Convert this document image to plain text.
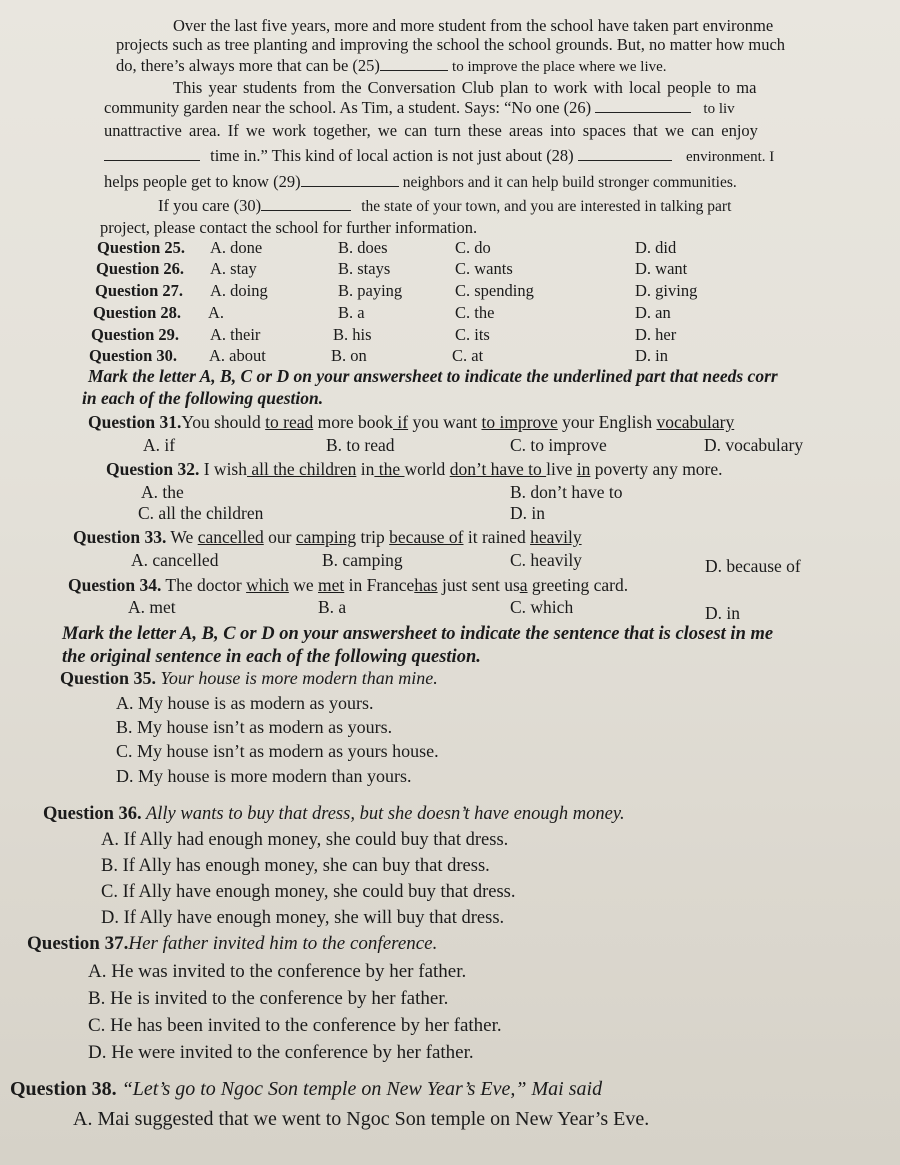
Over the last five years, more and more student from the school have taken part environme
projects such as tree planting and improving the school the school grounds. But, no matter how much
do, there’s always more that can be (25)	to improve the place where we live.
This year students from the Conversation Club plan to work with local people to ma
community garden near the school. As Tim, a student. Says: “No one (26)	to liv
unattractive area. If we work together, we can turn these areas into spaces that we can enjoy
time in.” This kind of local action is not just about (28)	environment. I
helps people get to know (29)	neighbors and it can help build stronger communities.
If you care (30)	the state of your town, and you are interested in talking part
project, please contact the school for further information.
Question 25. A. done	B. does	C. do	D. did
Question 26. A. stay	B. stays	C. wants	D. want
Question 27. A. doing	B. paying	C. spending	D. giving
Question 28. A.	B. a	C. the	D. an
Question 29. A. their	B. his	C. its	D. her
Question 30. A. about	B. on	C. at	D. in
Mark the letter A, B, C or D on your answersheet to indicate the underlined part that needs corr
in each of the following question.
Question 31.You should to read more book if you want to improve your English vocabulary
A. if	B. to read	C. to improve	D. vocabulary
Question 32. I wish all the children in the world don’t have to live in poverty any more.
A. the	B. don’t have to
C. all the children	D. in
Question 33. We cancelled our camping trip because of it rained heavily
A. cancelled	B. camping	C. heavily	D. because of
Question 34. The doctor which we met in Francehas just sent usa greeting card.
A. met	B. a	C. which	D. in
Mark the letter A, B, C or D on your answersheet to indicate the sentence that is closest in me
the original sentence in each of the following question.
Question 35. Your house is more modern than mine.
A. My house is as modern as yours.
B. My house isn’t as modern as yours.
C. My house isn’t as modern as yours house.
D. My house is more modern than yours.
Question 36. Ally wants to buy that dress, but she doesn’t have enough money.
A. If Ally had enough money, she could buy that dress.
B. If Ally has enough money, she can buy that dress.
C. If Ally have enough money, she could buy that dress.
D. If Ally have enough money, she will buy that dress.
Question 37.Her father invited him to the conference.
A. He was invited to the conference by her father.
B. He is invited to the conference by her father.
C. He has been invited to the conference by her father.
D. He were invited to the conference by her father.
Question 38. “Let’s go to Ngoc Son temple on New Year’s Eve,” Mai said
A. Mai suggested that we went to Ngoc Son temple on New Year’s Eve.
